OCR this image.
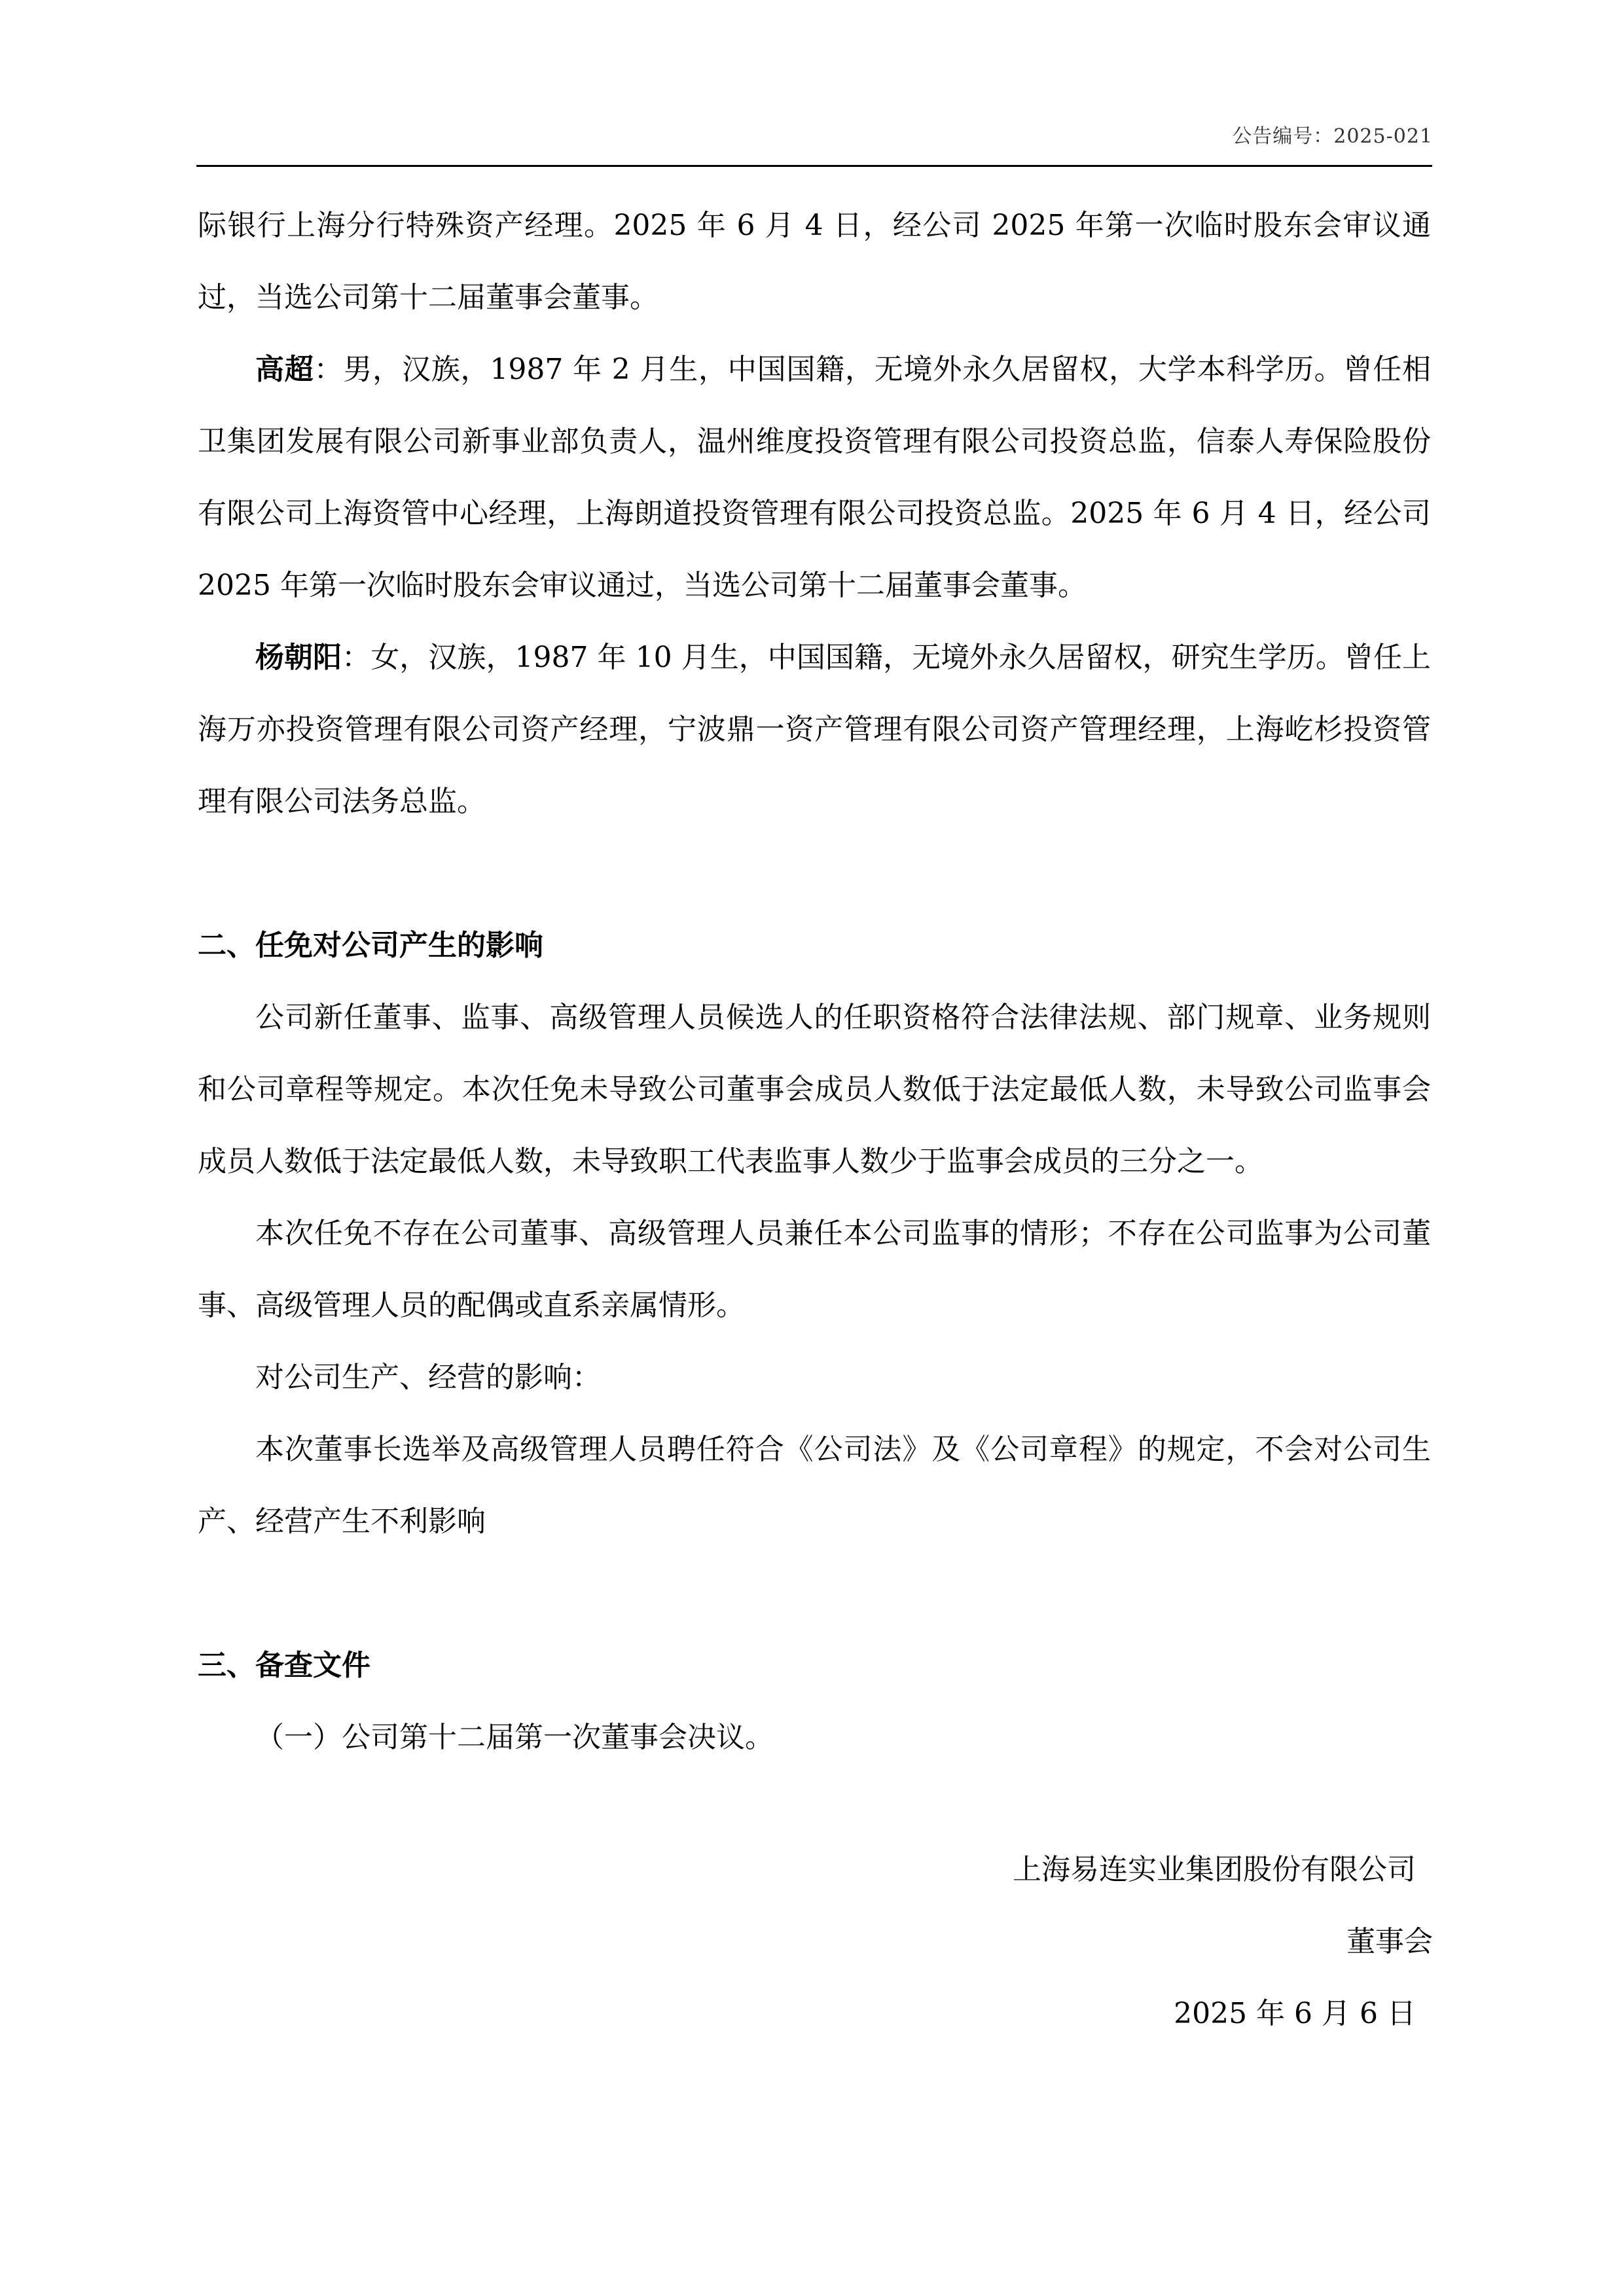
公告编号：2025-021

际银行上海分行特殊资产经理。2025 年 6 月 4 日，经公司 2025 年第一次临时股东会审议通过，当选公司第十二届董事会董事。

高超：男，汉族，1987 年 2 月生，中国国籍，无境外永久居留权，大学本科学历。曾任相卫集团发展有限公司新事业部负责人，温州维度投资管理有限公司投资总监，信泰人寿保险股份有限公司上海资管中心经理，上海朗道投资管理有限公司投资总监。2025 年 6 月 4 日，经公司 2025 年第一次临时股东会审议通过，当选公司第十二届董事会董事。

杨朝阳：女，汉族，1987 年 10 月生，中国国籍，无境外永久居留权，研究生学历。曾任上海万亦投资管理有限公司资产经理，宁波鼎一资产管理有限公司资产管理经理，上海屹杉投资管理有限公司法务总监。

二、任免对公司产生的影响

公司新任董事、监事、高级管理人员候选人的任职资格符合法律法规、部门规章、业务规则和公司章程等规定。本次任免未导致公司董事会成员人数低于法定最低人数，未导致公司监事会成员人数低于法定最低人数，未导致职工代表监事人数少于监事会成员的三分之一。

本次任免不存在公司董事、高级管理人员兼任本公司监事的情形；不存在公司监事为公司董事、高级管理人员的配偶或直系亲属情形。

对公司生产、经营的影响：

本次董事长选举及高级管理人员聘任符合《公司法》及《公司章程》的规定，不会对公司生产、经营产生不利影响

三、备查文件

（一）公司第十二届第一次董事会决议。

上海易连实业集团股份有限公司
董事会
2025 年 6 月 6 日
